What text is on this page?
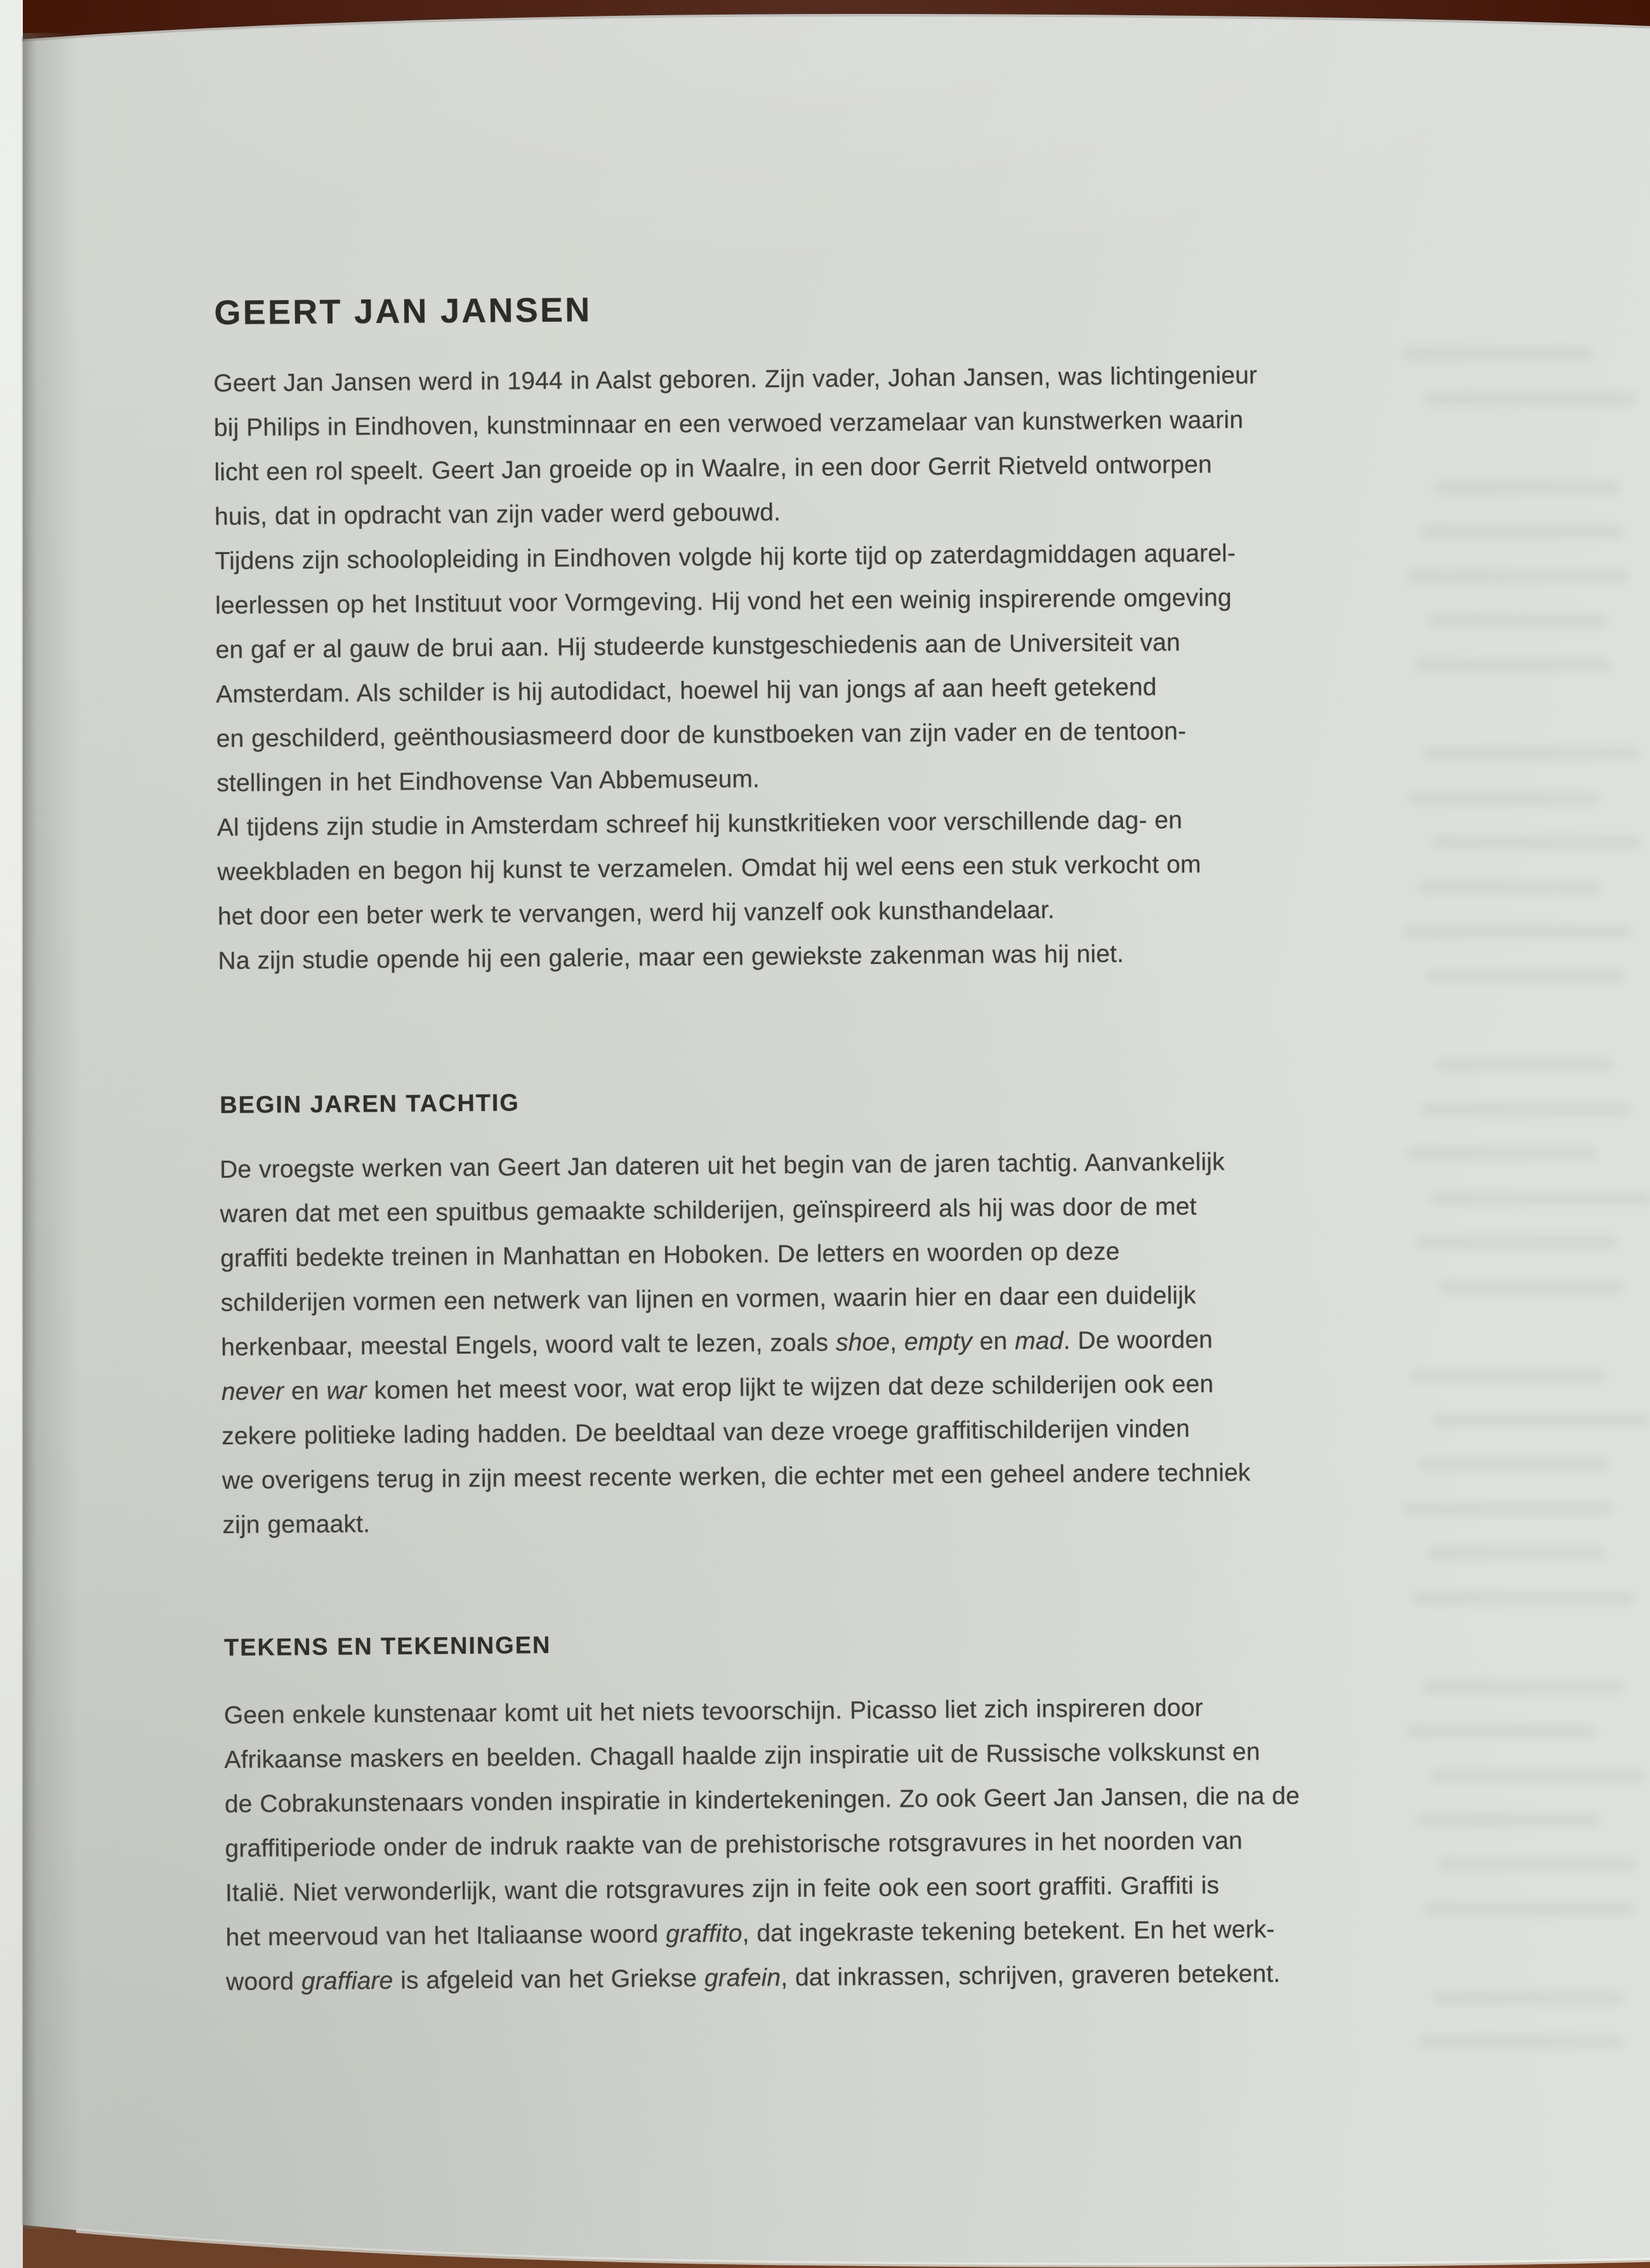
GEERT JAN JANSEN
Geert Jan Jansen werd in 1944 in Aalst geboren. Zijn vader, Johan Jansen, was lichtingenieur
bij Philips in Eindhoven, kunstminnaar en een verwoed verzamelaar van kunstwerken waarin
licht een rol speelt. Geert Jan groeide op in Waalre, in een door Gerrit Rietveld ontworpen
huis, dat in opdracht van zijn vader werd gebouwd.
Tijdens zijn schoolopleiding in Eindhoven volgde hij korte tijd op zaterdagmiddagen aquarel-
leerlessen op het Instituut voor Vormgeving. Hij vond het een weinig inspirerende omgeving
en gaf er al gauw de brui aan. Hij studeerde kunstgeschiedenis aan de Universiteit van
Amsterdam. Als schilder is hij autodidact, hoewel hij van jongs af aan heeft getekend
en geschilderd, geënthousiasmeerd door de kunstboeken van zijn vader en de tentoon-
stellingen in het Eindhovense Van Abbemuseum.
Al tijdens zijn studie in Amsterdam schreef hij kunstkritieken voor verschillende dag- en
weekbladen en begon hij kunst te verzamelen. Omdat hij wel eens een stuk verkocht om
het door een beter werk te vervangen, werd hij vanzelf ook kunsthandelaar.
Na zijn studie opende hij een galerie, maar een gewiekste zakenman was hij niet.
BEGIN JAREN TACHTIG
De vroegste werken van Geert Jan dateren uit het begin van de jaren tachtig. Aanvankelijk
waren dat met een spuitbus gemaakte schilderijen, geïnspireerd als hij was door de met
graffiti bedekte treinen in Manhattan en Hoboken. De letters en woorden op deze
schilderijen vormen een netwerk van lijnen en vormen, waarin hier en daar een duidelijk
herkenbaar, meestal Engels, woord valt te lezen, zoals shoe, empty en mad. De woorden
never en war komen het meest voor, wat erop lijkt te wijzen dat deze schilderijen ook een
zekere politieke lading hadden. De beeldtaal van deze vroege graffitischilderijen vinden
we overigens terug in zijn meest recente werken, die echter met een geheel andere techniek
zijn gemaakt.
TEKENS EN TEKENINGEN
Geen enkele kunstenaar komt uit het niets tevoorschijn. Picasso liet zich inspireren door
Afrikaanse maskers en beelden. Chagall haalde zijn inspiratie uit de Russische volkskunst en
de Cobrakunstenaars vonden inspiratie in kindertekeningen. Zo ook Geert Jan Jansen, die na de
graffitiperiode onder de indruk raakte van de prehistorische rotsgravures in het noorden van
Italië. Niet verwonderlijk, want die rotsgravures zijn in feite ook een soort graffiti. Graffiti is
het meervoud van het Italiaanse woord graffito, dat ingekraste tekening betekent. En het werk-
woord graffiare is afgeleid van het Griekse grafein, dat inkrassen, schrijven, graveren betekent.
